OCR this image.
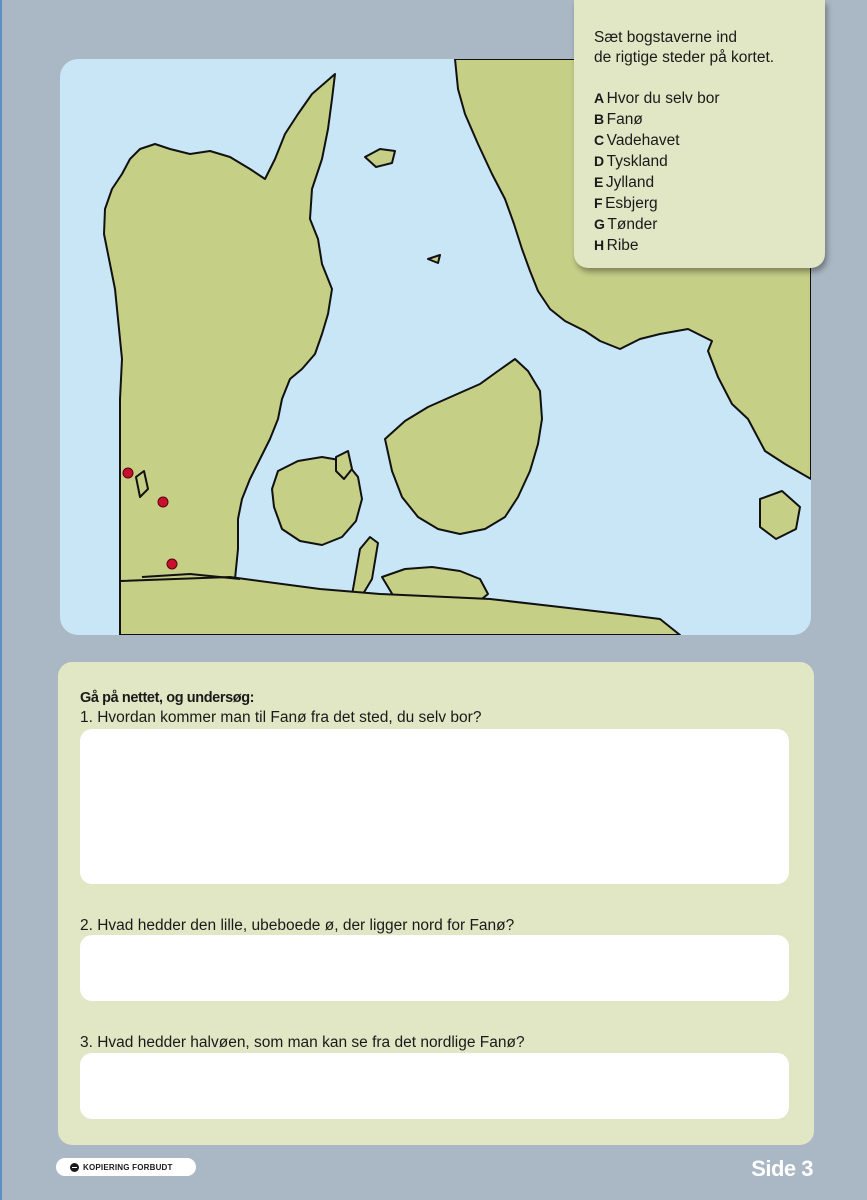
Sæt bogstaverne ind
de rigtige steder på kortet.
A Hvor du selv bor
B Fanø
C Vadehavet
D Tyskland
E Jylland
F Esbjerg
G Tønder
H Ribe
Gå på nettet, og undersøg:
1. Hvordan kommer man til Fanø fra det sted, du selv bor?
2. Hvad hedder den lille, ubeboede ø, der ligger nord for Fanø?
3. Hvad hedder halvøen, som man kan se fra det nordlige Fanø?
KOPIERING FORBUDT	Side 3
